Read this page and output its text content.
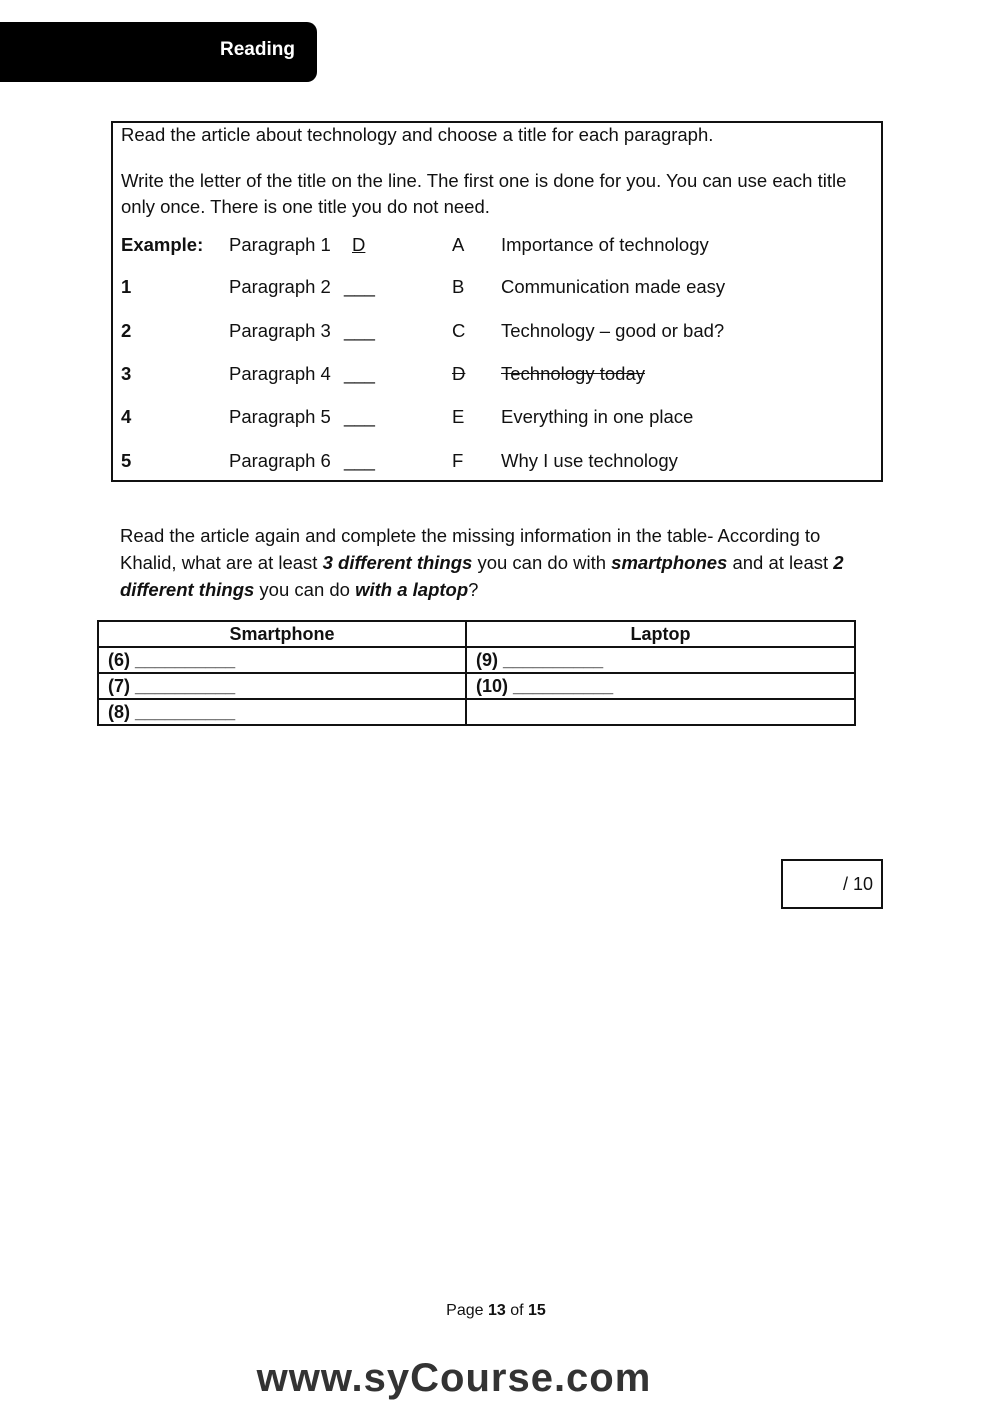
Reading
Read the article about technology and choose a title for each paragraph.
Write the letter of the title on the line. The first one is done for you. You can use each title only once. There is one title you do not need.
Example: Paragraph 1	D	A Importance of technology
1	Paragraph 2 ___	B Communication made easy
2	Paragraph 3 ___	C Technology – good or bad?
3	Paragraph 4 ___	D Technology today
4	Paragraph 5 ___	E Everything in one place
5	Paragraph 6 ___	F Why I use technology
Read the article again and complete the missing information in the table- According to Khalid, what are at least 3 different things you can do with smartphones and at least 2 different things you can do with a laptop?
Smartphone	Laptop
(6) __________	(9) __________
(7) __________	(10) __________
(8) __________	
/ 10
Page 13 of 15
www.syCourse.com
